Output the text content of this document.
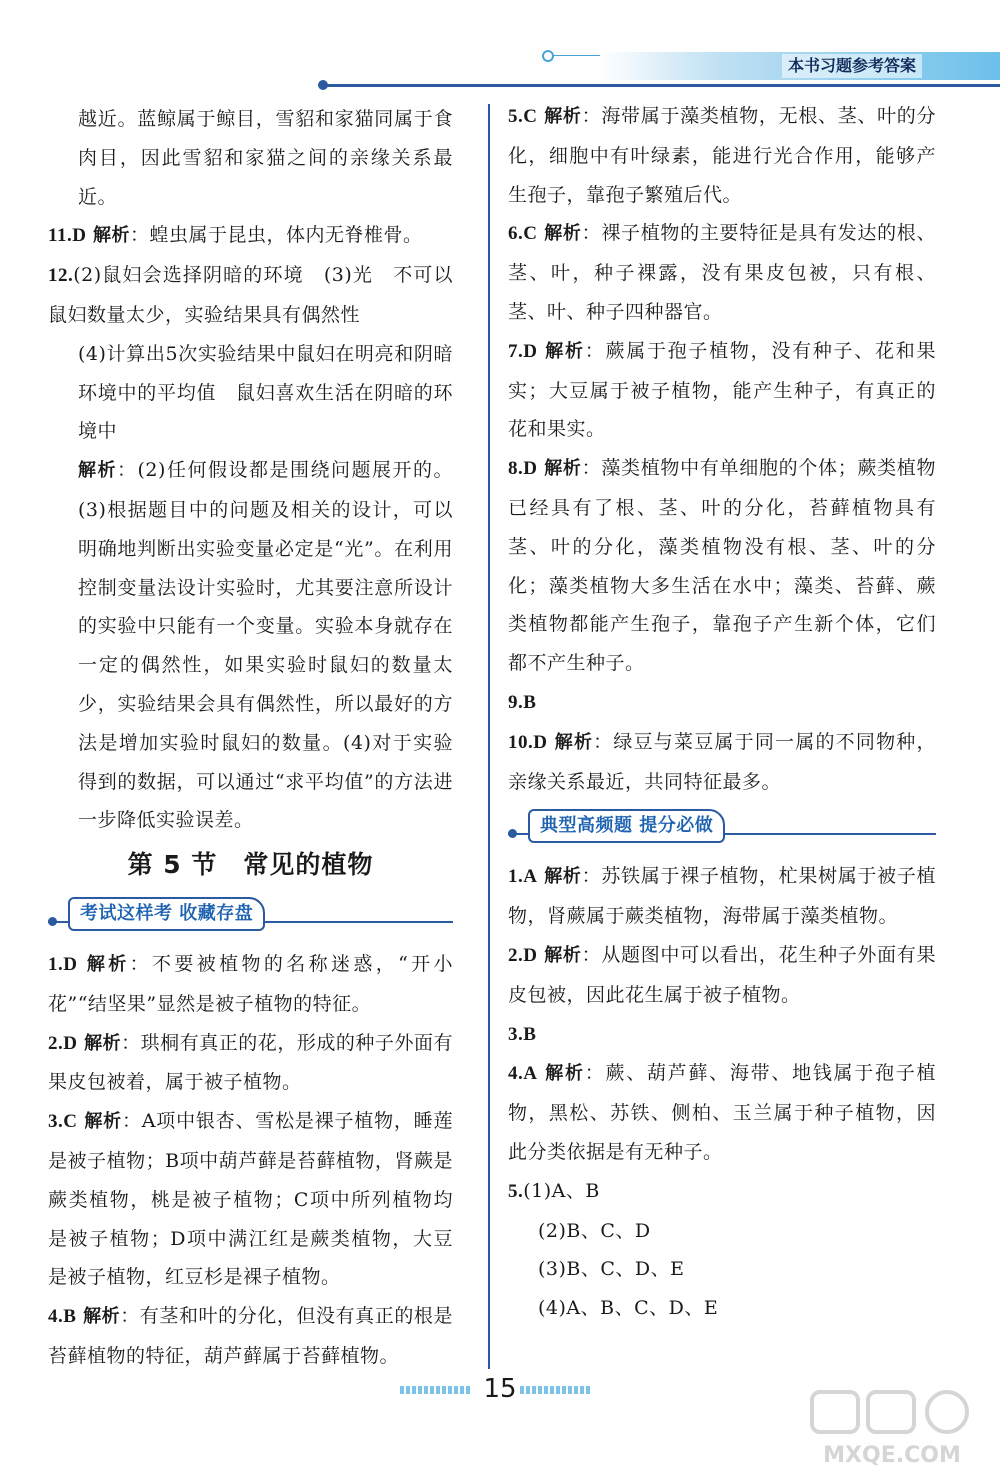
本书习题参考答案

越近。蓝鲸属于鲸目，雪貂和家猫同属于食肉目，因此雪貂和家猫之间的亲缘关系最近。

11.D 解析：蝗虫属于昆虫，体内无脊椎骨。

12.(2)鼠妇会选择阴暗的环境　(3)光　不可以　鼠妇数量太少，实验结果具有偶然性

(4)计算出5次实验结果中鼠妇在明亮和阴暗环境中的平均值　鼠妇喜欢生活在阴暗的环境中

解析：(2)任何假设都是围绕问题展开的。(3)根据题目中的问题及相关的设计，可以明确地判断出实验变量必定是“光”。在利用控制变量法设计实验时，尤其要注意所设计的实验中只能有一个变量。实验本身就存在一定的偶然性，如果实验时鼠妇的数量太少，实验结果会具有偶然性，所以最好的方法是增加实验时鼠妇的数量。(4)对于实验得到的数据，可以通过“求平均值”的方法进一步降低实验误差。

第 5 节　常见的植物
考试这样考 收藏存盘

1.D 解析：不要被植物的名称迷惑，“开小花”“结坚果”显然是被子植物的特征。

2.D 解析：珙桐有真正的花，形成的种子外面有果皮包被着，属于被子植物。

3.C 解析：A项中银杏、雪松是裸子植物，睡莲是被子植物；B项中葫芦藓是苔藓植物，肾蕨是蕨类植物，桃是被子植物；C项中所列植物均是被子植物；D项中满江红是蕨类植物，大豆是被子植物，红豆杉是裸子植物。

4.B 解析：有茎和叶的分化，但没有真正的根是苔藓植物的特征，葫芦藓属于苔藓植物。

5.C 解析：海带属于藻类植物，无根、茎、叶的分化，细胞中有叶绿素，能进行光合作用，能够产生孢子，靠孢子繁殖后代。

6.C 解析：裸子植物的主要特征是具有发达的根、茎、叶，种子裸露，没有果皮包被，只有根、茎、叶、种子四种器官。

7.D 解析：蕨属于孢子植物，没有种子、花和果实；大豆属于被子植物，能产生种子，有真正的花和果实。

8.D 解析：藻类植物中有单细胞的个体；蕨类植物已经具有了根、茎、叶的分化，苔藓植物具有茎、叶的分化，藻类植物没有根、茎、叶的分化；藻类植物大多生活在水中；藻类、苔藓、蕨类植物都能产生孢子，靠孢子产生新个体，它们都不产生种子。

9.B

10.D 解析：绿豆与菜豆属于同一属的不同物种，亲缘关系最近，共同特征最多。

典型高频题 提分必做

1.A 解析：苏铁属于裸子植物，杧果树属于被子植物，肾蕨属于蕨类植物，海带属于藻类植物。

2.D 解析：从题图中可以看出，花生种子外面有果皮包被，因此花生属于被子植物。

3.B

4.A 解析：蕨、葫芦藓、海带、地钱属于孢子植物，黑松、苏铁、侧柏、玉兰属于种子植物，因此分类依据是有无种子。

5.(1)A、B

(2)B、C、D

(3)B、C、D、E

(4)A、B、C、D、E

15
MXQE.COM
